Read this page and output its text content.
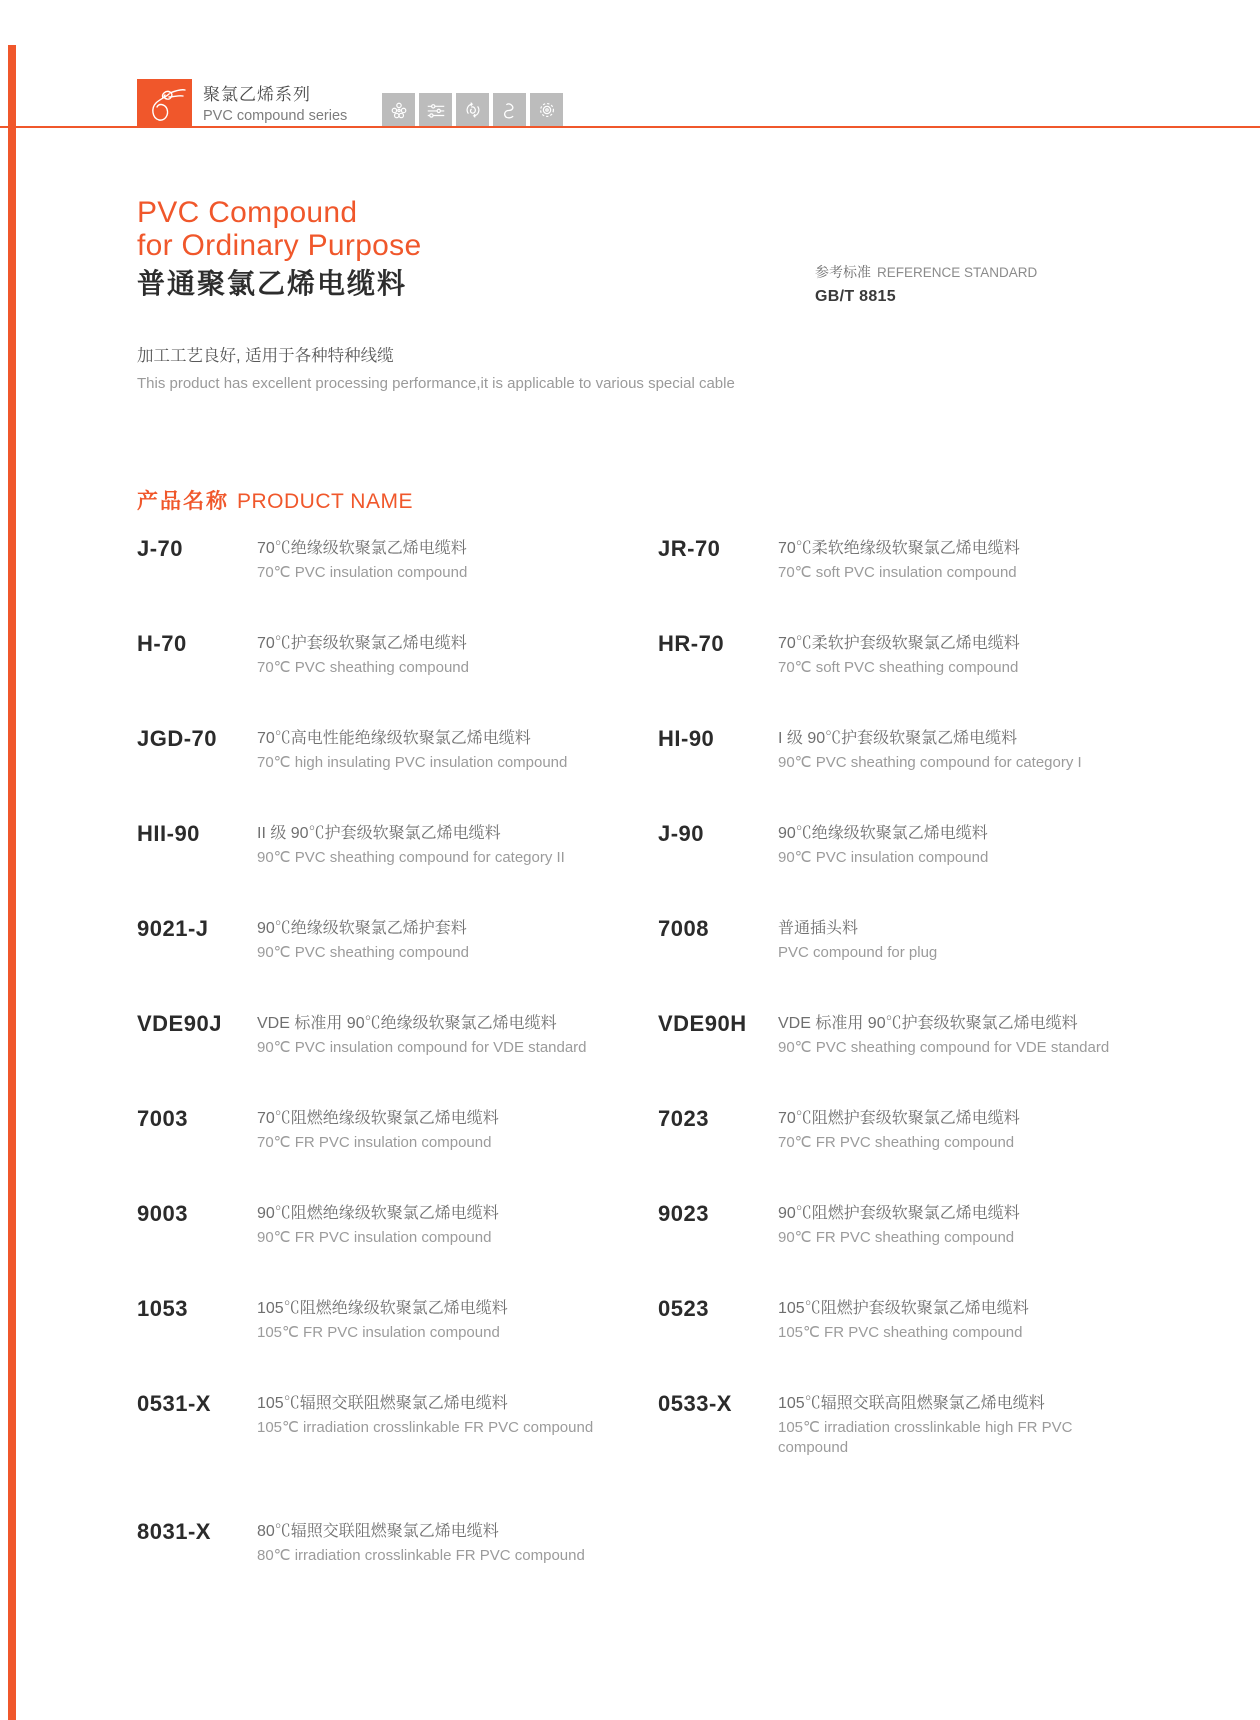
聚氯乙烯系列
PVC compound series
PVC Compound
for Ordinary Purpose
普通聚氯乙烯电缆料	参考标准 REFERENCE STANDARD
GB/T 8815
加工工艺良好, 适用于各种特种线缆
This product has excellent processing performance,it is applicable to various special cable
产品名称 PRODUCT NAME
J-70	70℃绝缘级软聚氯乙烯电缆料
70℃ PVC insulation compound
JR-70	70℃柔软绝缘级软聚氯乙烯电缆料
70℃ soft PVC insulation compound
H-70	70℃护套级软聚氯乙烯电缆料
70℃ PVC sheathing compound
HR-70	70℃柔软护套级软聚氯乙烯电缆料
70℃ soft PVC sheathing compound
JGD-70	70℃高电性能绝缘级软聚氯乙烯电缆料
70℃ high insulating PVC insulation compound
HI-90	I 级 90℃护套级软聚氯乙烯电缆料
90℃ PVC sheathing compound for category I
HII-90	II 级 90℃护套级软聚氯乙烯电缆料
90℃ PVC sheathing compound for category II
J-90	90℃绝缘级软聚氯乙烯电缆料
90℃ PVC insulation compound
9021-J	90℃绝缘级软聚氯乙烯护套料
90℃ PVC sheathing compound
7008	普通插头料
PVC compound for plug
VDE90J	VDE 标准用 90℃绝缘级软聚氯乙烯电缆料
90℃ PVC insulation compound for VDE standard
VDE90H	VDE 标准用 90℃护套级软聚氯乙烯电缆料
90℃ PVC sheathing compound for VDE standard
7003	70℃阻燃绝缘级软聚氯乙烯电缆料
70℃ FR PVC insulation compound
7023	70℃阻燃护套级软聚氯乙烯电缆料
70℃ FR PVC sheathing compound
9003	90℃阻燃绝缘级软聚氯乙烯电缆料
90℃ FR PVC insulation compound
9023	90℃阻燃护套级软聚氯乙烯电缆料
90℃ FR PVC sheathing compound
1053	105℃阻燃绝缘级软聚氯乙烯电缆料
105℃ FR PVC insulation compound
0523	105℃阻燃护套级软聚氯乙烯电缆料
105℃ FR PVC sheathing compound
0531-X	105℃辐照交联阻燃聚氯乙烯电缆料
105℃ irradiation crosslinkable FR PVC compound
0533-X	105℃辐照交联高阻燃聚氯乙烯电缆料
105℃ irradiation crosslinkable high FR PVC compound
8031-X	80℃辐照交联阻燃聚氯乙烯电缆料
80℃ irradiation crosslinkable FR PVC compound
